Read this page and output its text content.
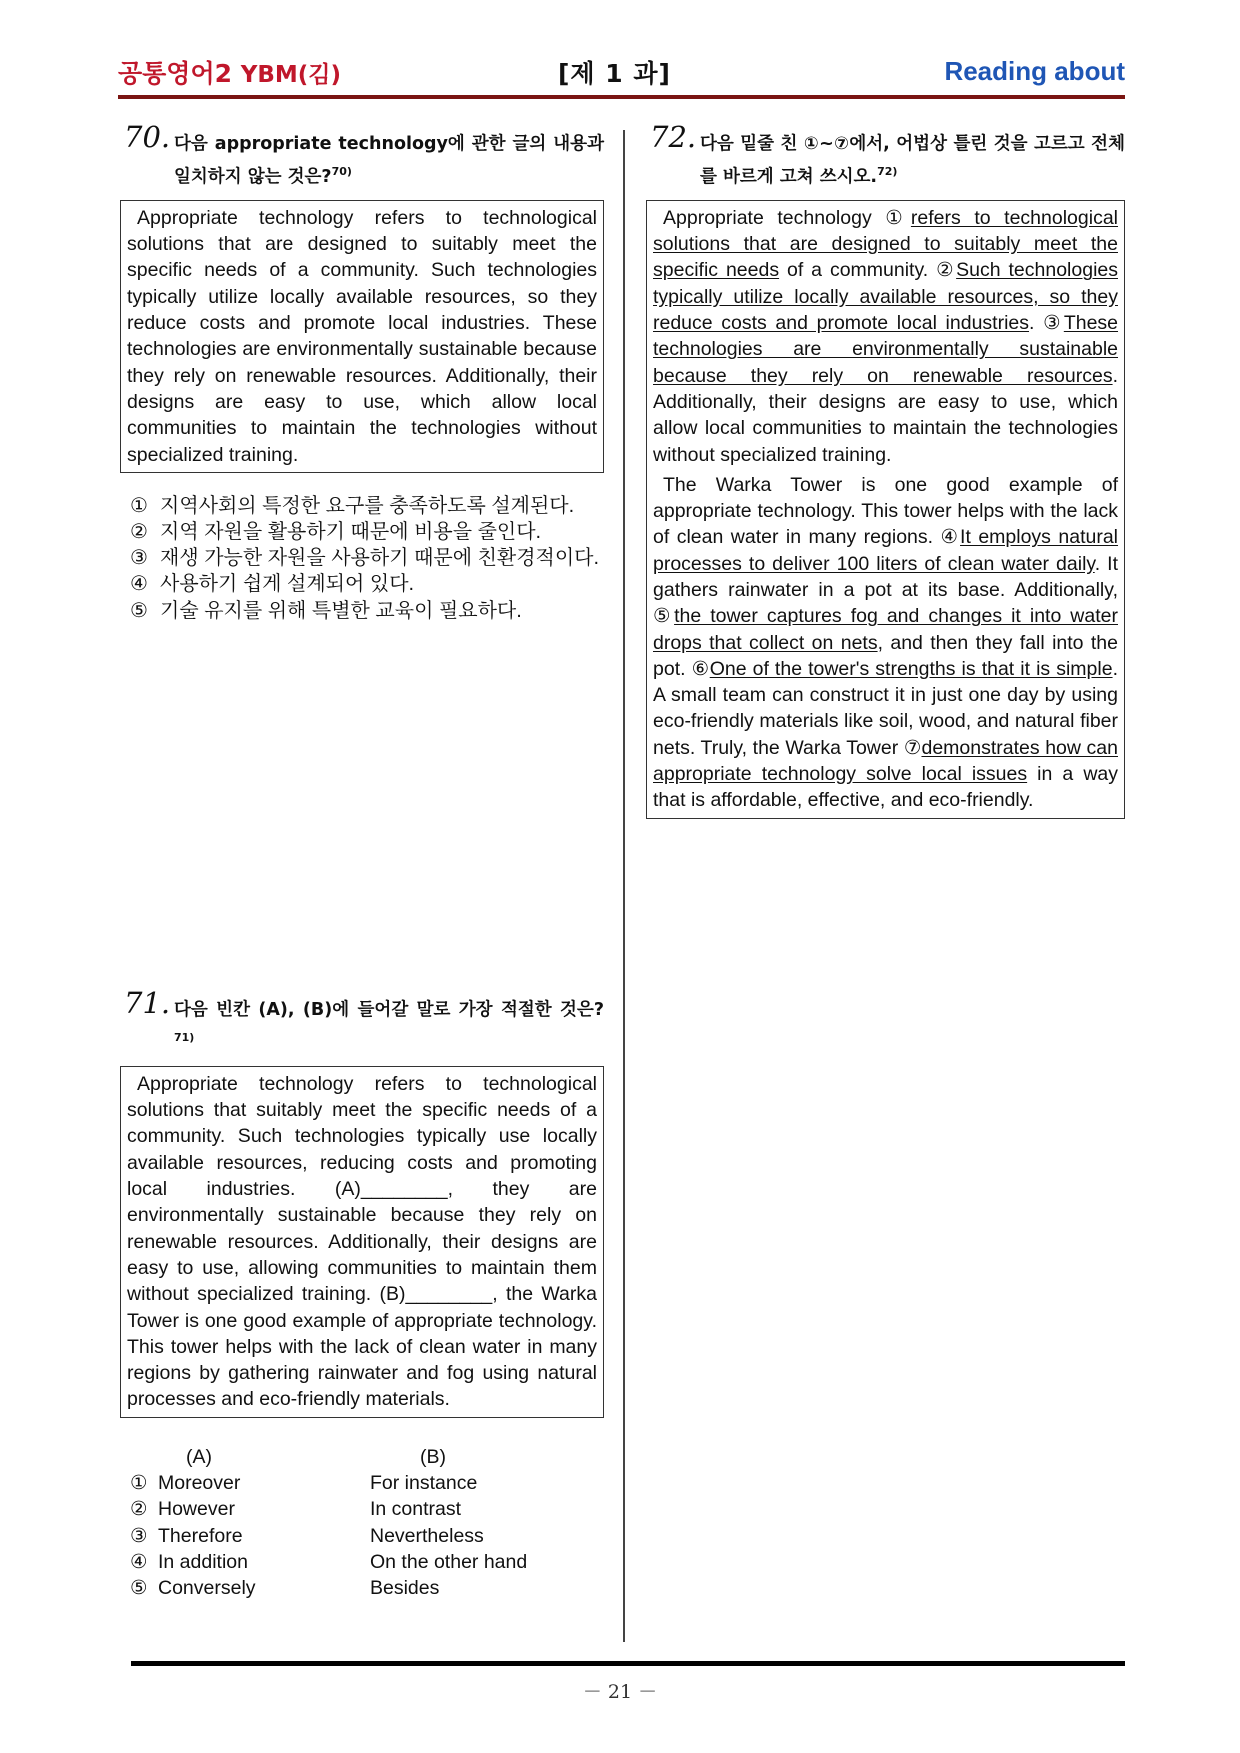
공통영어2 YBM(김)	[제 1 과]	Reading about
70. 다음 appropriate technology에 관한 글의 내용과 일치하지 않는 것은?$^{70)}$

Appropriate technology refers to technological solutions that are designed to suitably meet the specific needs of a community. Such technologies typically utilize locally available resources, so they reduce costs and promote local industries. These technologies are environmentally sustainable because they rely on renewable resources. Additionally, their designs are easy to use, which allow local communities to maintain the technologies without specialized training.

① 지역사회의 특정한 요구를 충족하도록 설계된다.
② 지역 자원을 활용하기 때문에 비용을 줄인다.
③ 재생 가능한 자원을 사용하기 때문에 친환경적이다.
④ 사용하기 쉽게 설계되어 있다.
⑤ 기술 유지를 위해 특별한 교육이 필요하다.
71. 다음 빈칸 (A), (B)에 들어갈 말로 가장 적절한 것은?$^{71)}$

Appropriate technology refers to technological solutions that suitably meet the specific needs of a community. Such technologies typically use locally available resources, reducing costs and promoting local industries. (A)________, they are environmentally sustainable because they rely on renewable resources. Additionally, their designs are easy to use, allowing communities to maintain them without specialized training. (B)________, the Warka Tower is one good example of appropriate technology. This tower helps with the lack of clean water in many regions by gathering rainwater and fog using natural processes and eco-friendly materials.

(A)	(B)
① Moreover	For instance
② However	In contrast
③ Therefore	Nevertheless
④ In addition	On the other hand
⑤ Conversely	Besides
72. 다음 밑줄 친 ①~⑦에서, 어법상 틀린 것을 고르고 전체를 바르게 고쳐 쓰시오.$^{72)}$

Appropriate technology ①refers to technological solutions that are designed to suitably meet the specific needs of a community. ②Such technologies typically utilize locally available resources, so they reduce costs and promote local industries. ③These technologies are environmentally sustainable because they rely on renewable resources. Additionally, their designs are easy to use, which allow local communities to maintain the technologies without specialized training.

The Warka Tower is one good example of appropriate technology. This tower helps with the lack of clean water in many regions. ④It employs natural processes to deliver 100 liters of clean water daily. It gathers rainwater in a pot at its base. Additionally, ⑤the tower captures fog and changes it into water drops that collect on nets, and then they fall into the pot. ⑥One of the tower's strengths is that it is simple. A small team can construct it in just one day by using eco-friendly materials like soil, wood, and natural fiber nets. Truly, the Warka Tower ⑦demonstrates how can appropriate technology solve local issues in a way that is affordable, effective, and eco-friendly.

－ 21 －
